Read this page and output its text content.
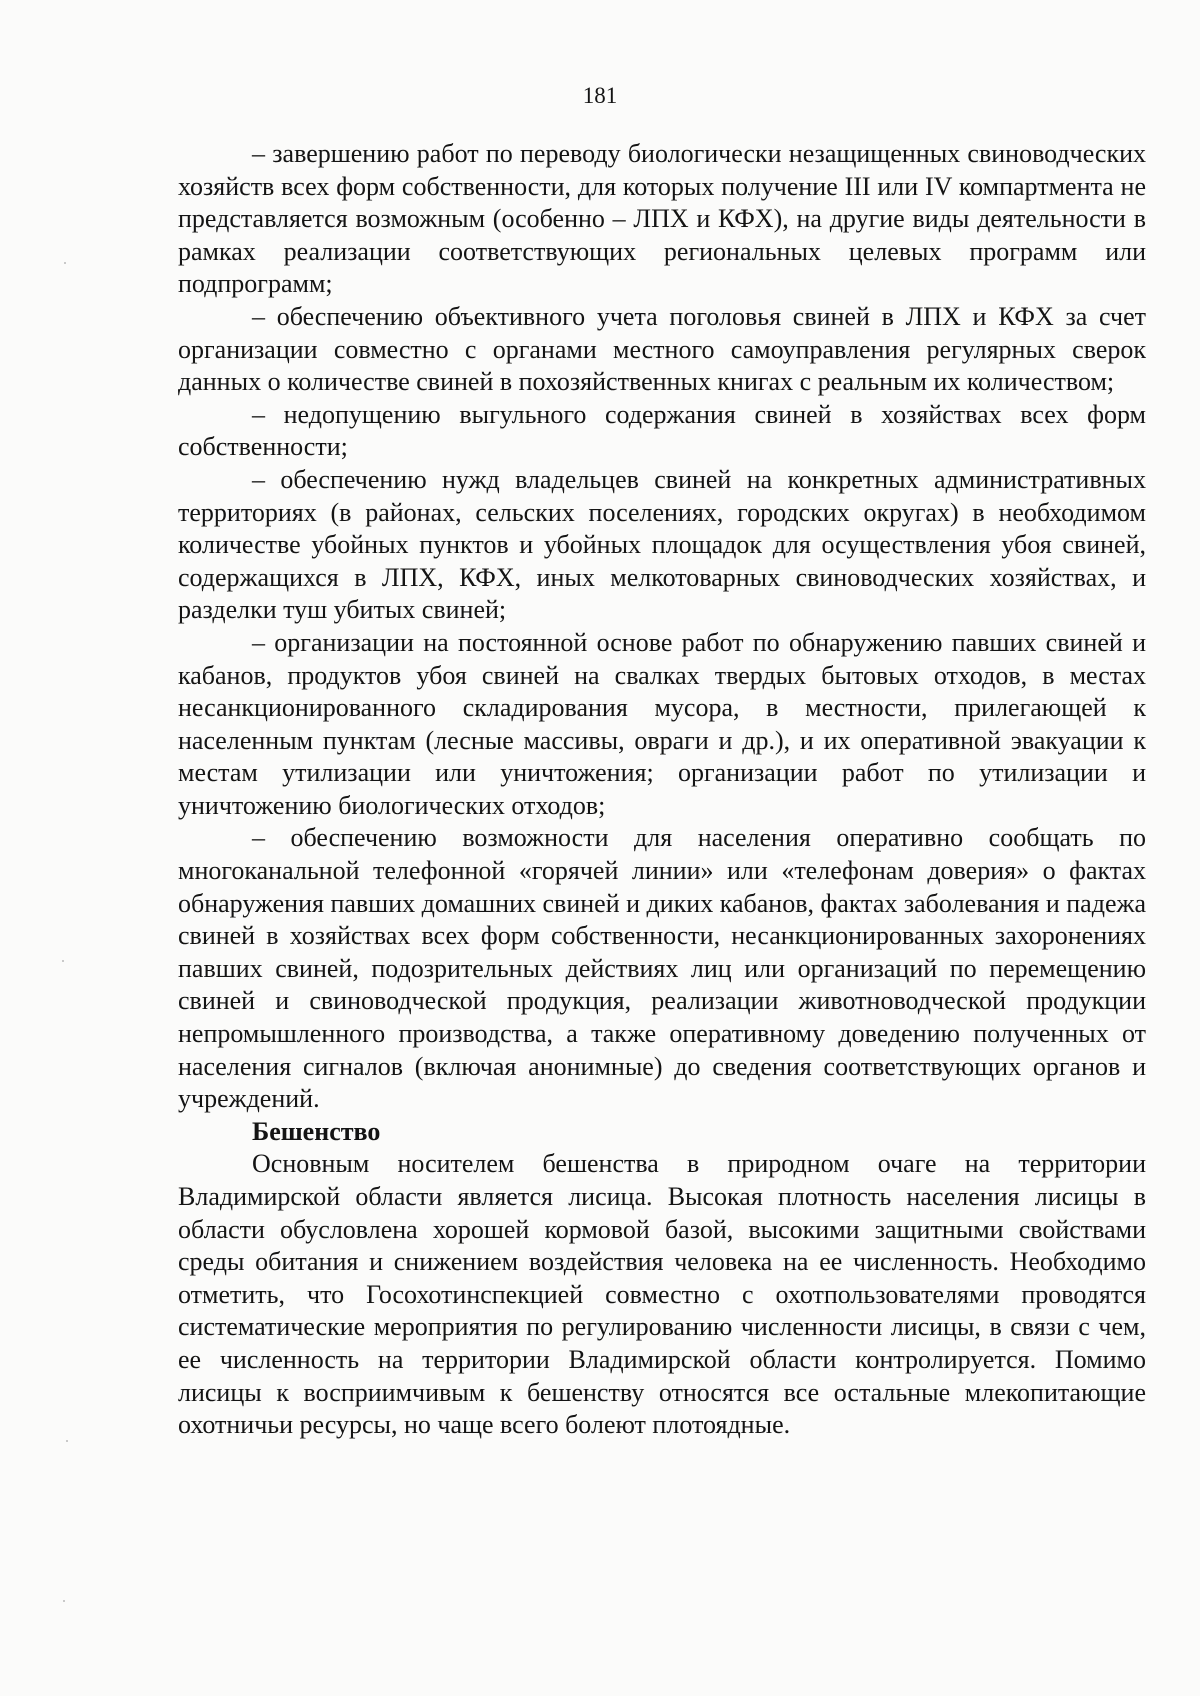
181

– завершению работ по переводу биологически незащищенных свиноводческих хозяйств всех форм собственности, для которых получение III или IV компартмента не представляется возможным (особенно – ЛПХ и КФХ), на другие виды деятельности в рамках реализации соответствующих региональных целевых программ или подпрограмм;

– обеспечению объективного учета поголовья свиней в ЛПХ и КФХ за счет организации совместно с органами местного самоуправления регулярных сверок данных о количестве свиней в похозяйственных книгах с реальным их количеством;

– недопущению выгульного содержания свиней в хозяйствах всех форм собственности;

– обеспечению нужд владельцев свиней на конкретных административных территориях (в районах, сельских поселениях, городских округах) в необходимом количестве убойных пунктов и убойных площадок для осуществления убоя свиней, содержащихся в ЛПХ, КФХ, иных мелкотоварных свиноводческих хозяйствах, и разделки туш убитых свиней;

– организации на постоянной основе работ по обнаружению павших свиней и кабанов, продуктов убоя свиней на свалках твердых бытовых отходов, в местах несанкционированного складирования мусора, в местности, прилегающей к населенным пунктам (лесные массивы, овраги и др.), и их оперативной эвакуации к местам утилизации или уничтожения; организации работ по утилизации и уничтожению биологических отходов;

– обеспечению возможности для населения оперативно сообщать по многоканальной телефонной «горячей линии» или «телефонам доверия» о фактах обнаружения павших домашних свиней и диких кабанов, фактах заболевания и падежа свиней в хозяйствах всех форм собственности, несанкционированных захоронениях павших свиней, подозрительных действиях лиц или организаций по перемещению свиней и свиноводческой продукция, реализации животноводческой продукции непромышленного производства, а также оперативному доведению полученных от населения сигналов (включая анонимные) до сведения соответствующих органов и учреждений.

Бешенство

Основным носителем бешенства в природном очаге на территории Владимирской области является лисица. Высокая плотность населения лисицы в области обусловлена хорошей кормовой базой, высокими защитными свойствами среды обитания и снижением воздействия человека на ее численность. Необходимо отметить, что Госохотинспекцией совместно с охотпользователями проводятся систематические мероприятия по регулированию численности лисицы, в связи с чем, ее численность на территории Владимирской области контролируется. Помимо лисицы к восприимчивым к бешенству относятся все остальные млекопитающие охотничьи ресурсы, но чаще всего болеют плотоядные.
